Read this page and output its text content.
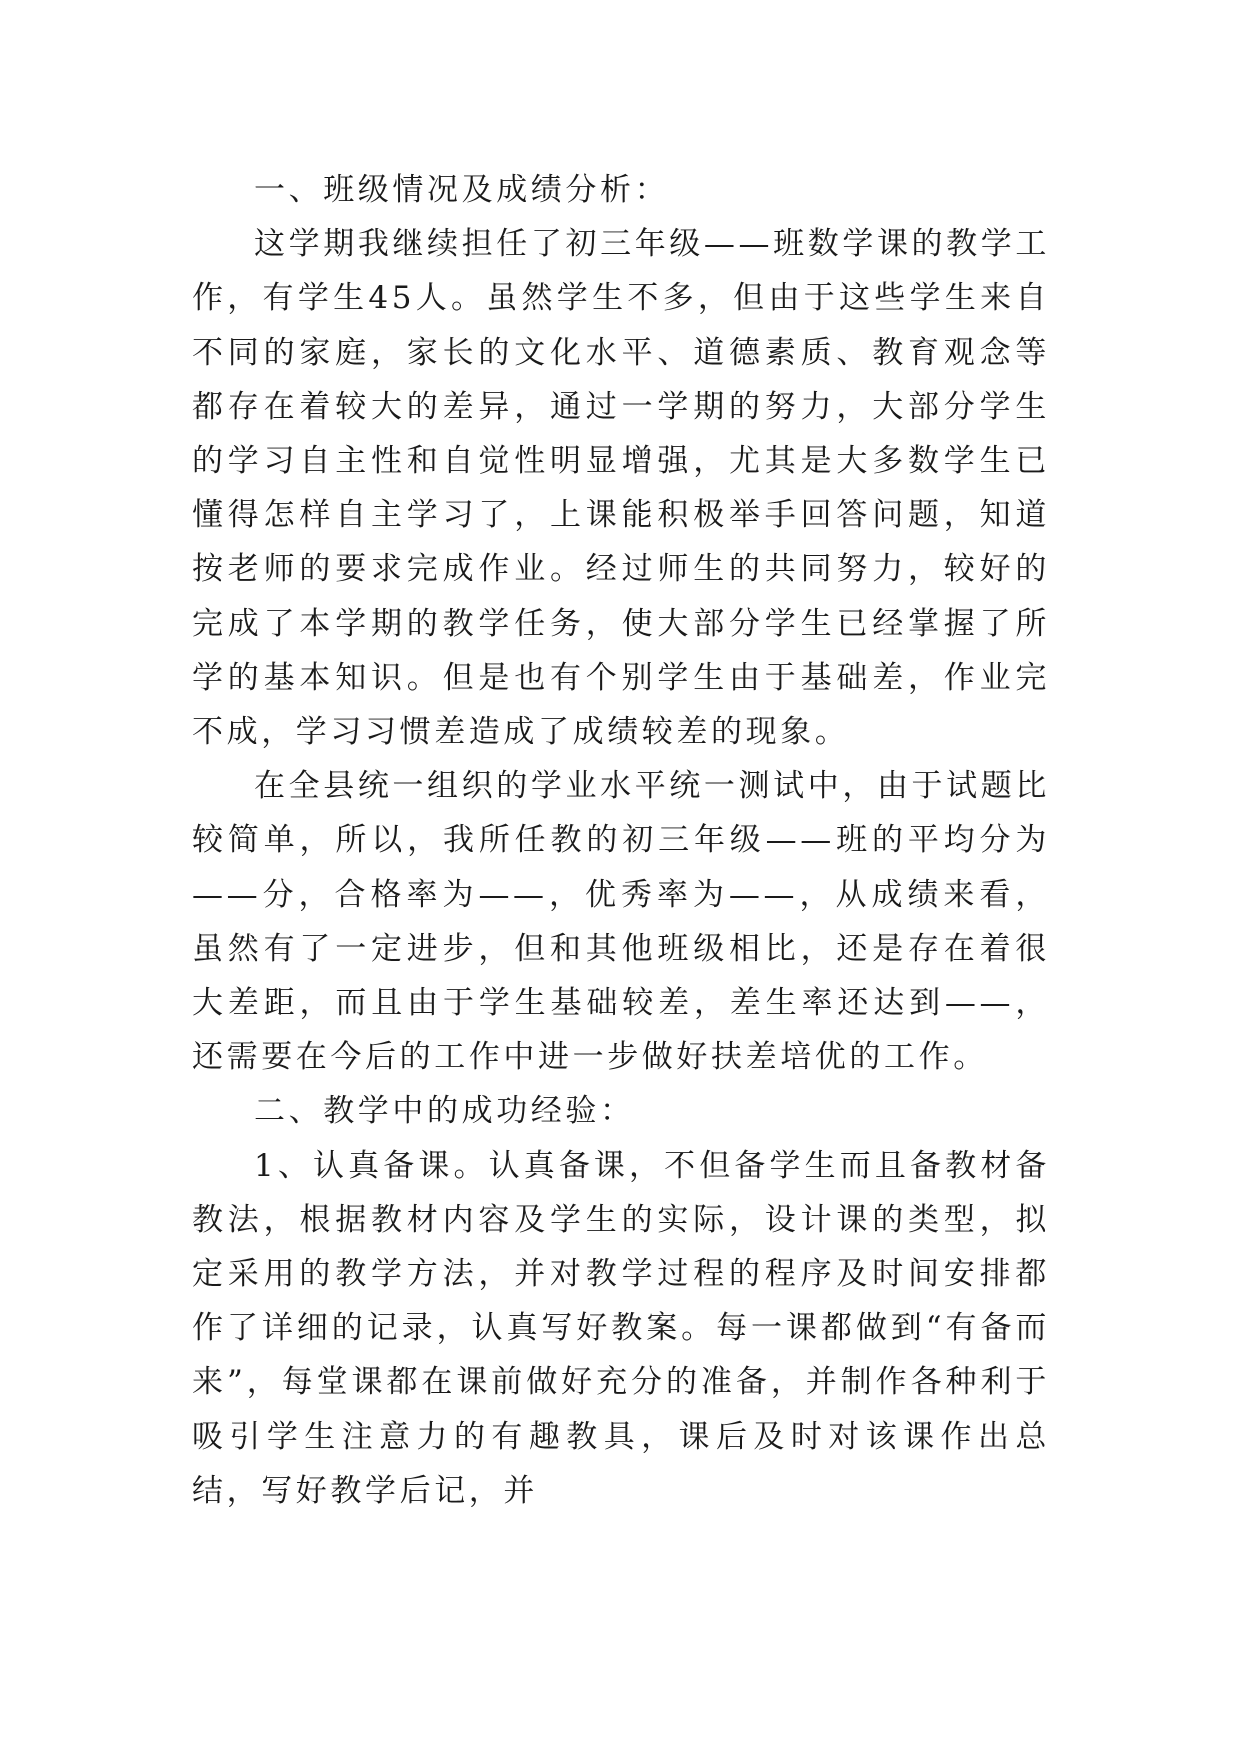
一、班级情况及成绩分析：

这学期我继续担任了初三年级——班数学课的教学工作，有学生45人。虽然学生不多，但由于这些学生来自不同的家庭，家长的文化水平、道德素质、教育观念等都存在着较大的差异，通过一学期的努力，大部分学生的学习自主性和自觉性明显增强，尤其是大多数学生已懂得怎样自主学习了，上课能积极举手回答问题，知道按老师的要求完成作业。经过师生的共同努力，较好的完成了本学期的教学任务，使大部分学生已经掌握了所学的基本知识。但是也有个别学生由于基础差，作业完不成，学习习惯差造成了成绩较差的现象。

在全县统一组织的学业水平统一测试中，由于试题比较简单，所以，我所任教的初三年级——班的平均分为——分，合格率为——，优秀率为——，从成绩来看，虽然有了一定进步，但和其他班级相比，还是存在着很大差距，而且由于学生基础较差，差生率还达到——，还需要在今后的工作中进一步做好扶差培优的工作。

二、教学中的成功经验：

1、认真备课。认真备课，不但备学生而且备教材备教法，根据教材内容及学生的实际，设计课的类型，拟定采用的教学方法，并对教学过程的程序及时间安排都作了详细的记录，认真写好教案。每一课都做到“有备而来”，每堂课都在课前做好充分的准备，并制作各种利于吸引学生注意力的有趣教具，课后及时对该课作出总结，写好教学后记，并
